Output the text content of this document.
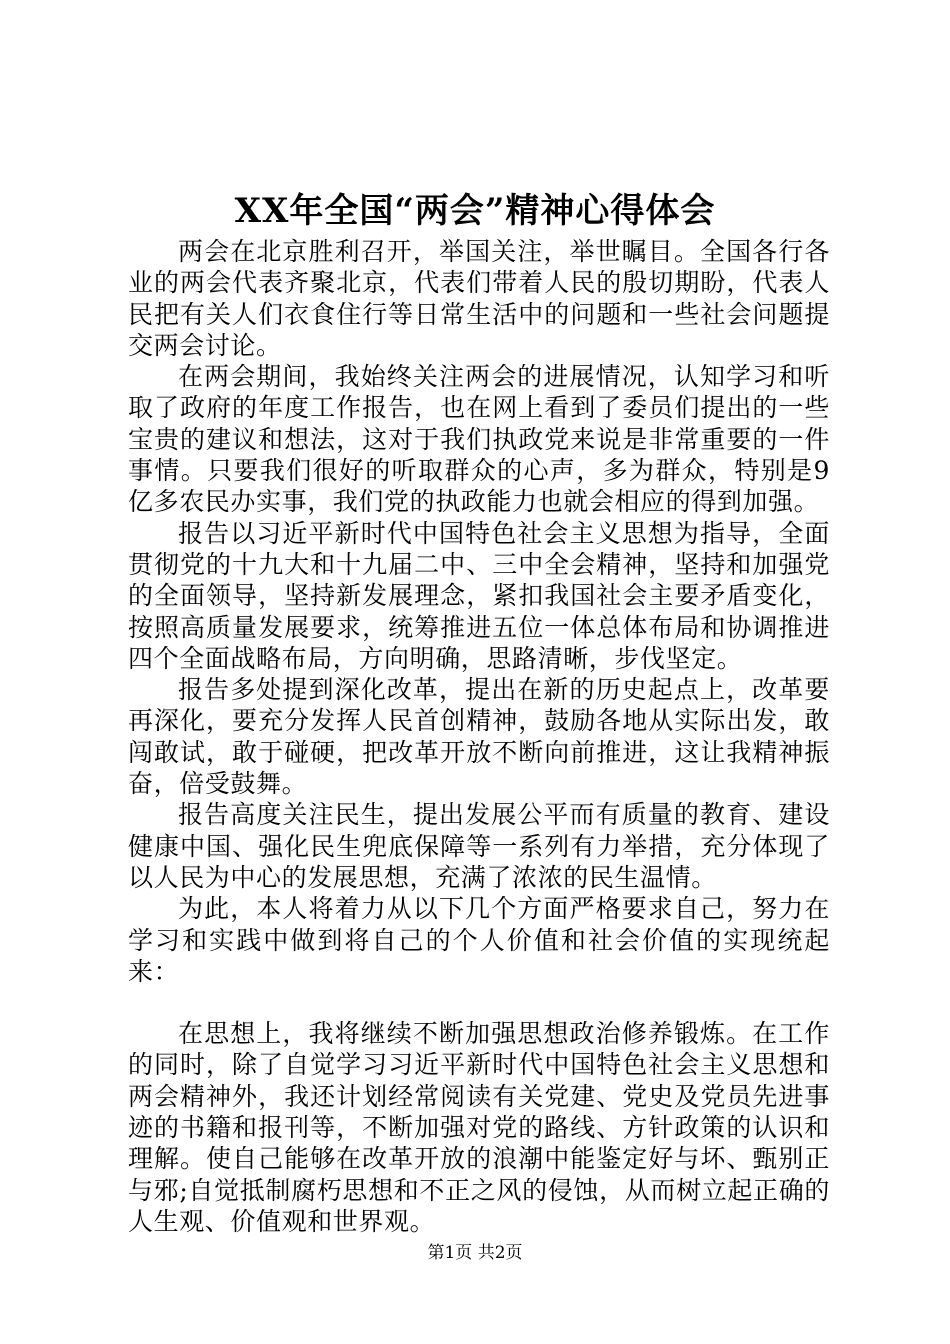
XX年全国“两会”精神心得体会

两会在北京胜利召开，举国关注，举世瞩目。全国各行各业的两会代表齐聚北京，代表们带着人民的殷切期盼，代表人民把有关人们衣食住行等日常生活中的问题和一些社会问题提交两会讨论。

在两会期间，我始终关注两会的进展情况，认知学习和听取了政府的年度工作报告，也在网上看到了委员们提出的一些宝贵的建议和想法，这对于我们执政党来说是非常重要的一件事情。只要我们很好的听取群众的心声，多为群众，特别是9亿多农民办实事，我们党的执政能力也就会相应的得到加强。

报告以习近平新时代中国特色社会主义思想为指导，全面贯彻党的十九大和十九届二中、三中全会精神，坚持和加强党的全面领导，坚持新发展理念，紧扣我国社会主要矛盾变化，按照高质量发展要求，统筹推进五位一体总体布局和协调推进四个全面战略布局，方向明确，思路清晰，步伐坚定。

报告多处提到深化改革，提出在新的历史起点上，改革要再深化，要充分发挥人民首创精神，鼓励各地从实际出发，敢闯敢试，敢于碰硬，把改革开放不断向前推进，这让我精神振奋，倍受鼓舞。

报告高度关注民生，提出发展公平而有质量的教育、建设健康中国、强化民生兜底保障等一系列有力举措，充分体现了以人民为中心的发展思想，充满了浓浓的民生温情。

为此，本人将着力从以下几个方面严格要求自己，努力在学习和实践中做到将自己的个人价值和社会价值的实现统起来：

在思想上，我将继续不断加强思想政治修养锻炼。在工作的同时，除了自觉学习习近平新时代中国特色社会主义思想和两会精神外，我还计划经常阅读有关党建、党史及党员先进事迹的书籍和报刊等，不断加强对党的路线、方针政策的认识和理解。使自己能够在改革开放的浪潮中能鉴定好与坏、甄别正与邪;自觉抵制腐朽思想和不正之风的侵蚀，从而树立起正确的人生观、价值观和世界观。

第1页 共2页
